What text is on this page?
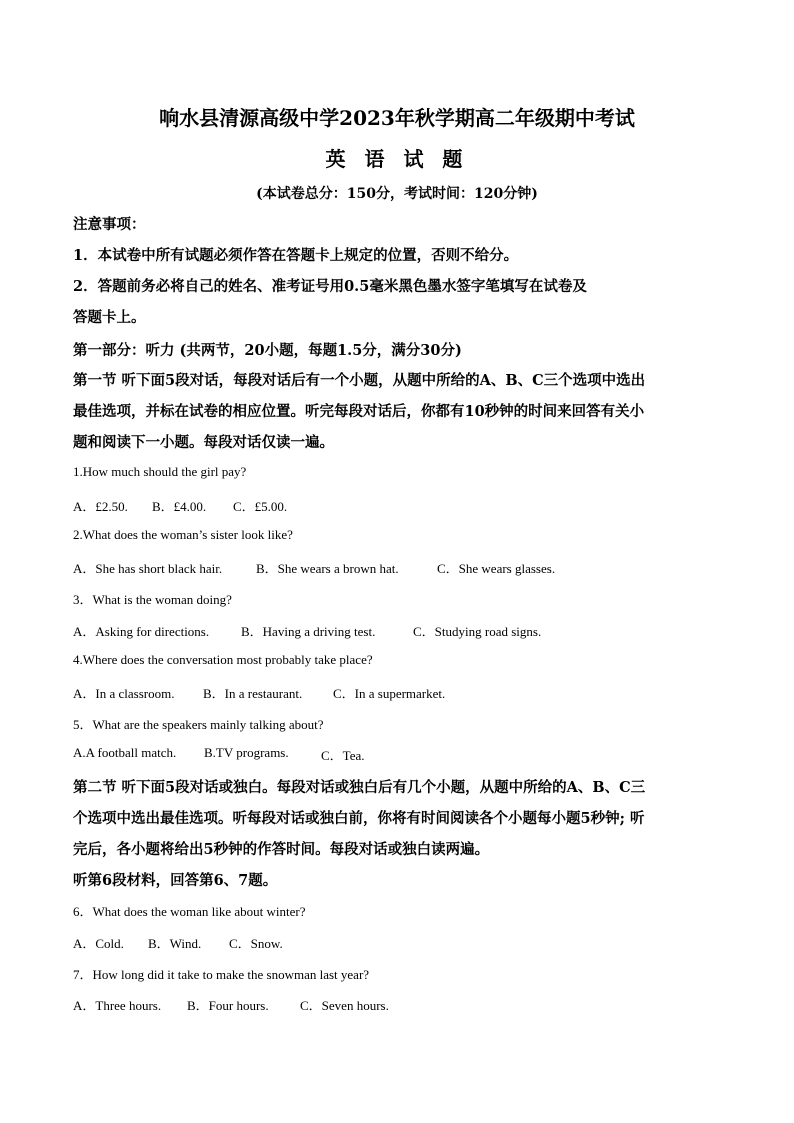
响水县清源高级中学2023年秋学期高二年级期中考试
英 语 试 题
(本试卷总分：150分，考试时间：120分钟)
注意事项：
1．本试卷中所有试题必须作答在答题卡上规定的位置，否则不给分。
2．答题前务必将自己的姓名、准考证号用0.5毫米黑色墨水签字笔填写在试卷及
答题卡上。
第一部分：听力 (共两节，20小题，每题1.5分，满分30分)
第一节 听下面5段对话，每段对话后有一个小题，从题中所给的A、B、C三个选项中选出
最佳选项，并标在试卷的相应位置。听完每段对话后，你都有10秒钟的时间来回答有关小
题和阅读下一小题。每段对话仅读一遍。
1.How much should the girl pay?
A．£2.50. B．£4.00. C．£5.00.
2.What does the woman’s sister look like?
A．She has short black hair.	B．She wears a brown hat.	C．She wears glasses.
3．What is the woman doing?
A．Asking for directions. B．Having a driving test.	C．Studying road signs.
4.Where does the conversation most probably take place?
A．In a classroom. B．In a restaurant. C．In a supermarket.
5．What are the speakers mainly talking about?
A.A football match. B.TV programs. C．Tea.
第二节 听下面5段对话或独白。每段对话或独白后有几个小题，从题中所给的A、B、C三
个选项中选出最佳选项。听每段对话或独白前，你将有时间阅读各个小题每小题5秒钟; 听
完后，各小题将给出5秒钟的作答时间。每段对话或独白读两遍。
听第6段材料，回答第6、7题。
6．What does the woman like about winter?
A．Cold. B．Wind. C．Snow.
7．How long did it take to make the snowman last year?
A．Three hours. B．Four hours. C．Seven hours.
